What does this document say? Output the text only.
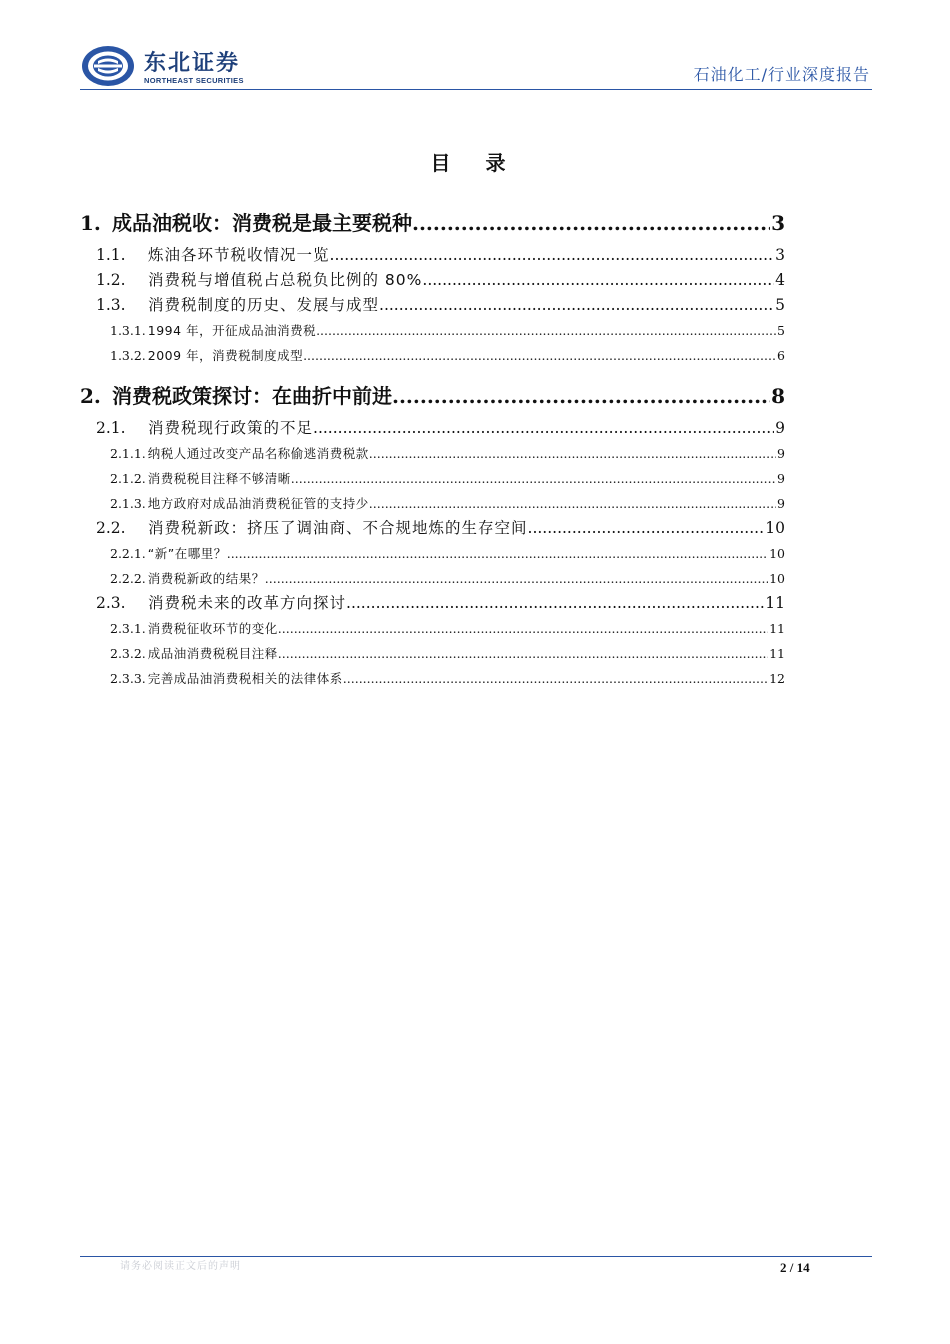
东北证券
NORTHEAST SECURITIES	石油化工/行业深度报告
目 录
1. 成品油税收：消费税是最主要税种 .....	3
1.1.	炼油各环节税收情况一览 .....	3
1.2.	消费税与增值税占总税负比例的 80% .....	4
1.3.	消费税制度的历史、发展与成型 .....	5
1.3.1. 1994 年，开征成品油消费税 .....	5
1.3.2. 2009 年，消费税制度成型 .....	6
2. 消费税政策探讨：在曲折中前进 .....	8
2.1.	消费税现行政策的不足 .....	9
2.1.1. 纳税人通过改变产品名称偷逃消费税款 .....	9
2.1.2. 消费税税目注释不够清晰 .....	9
2.1.3. 地方政府对成品油消费税征管的支持少 .....	9
2.2.	消费税新政：挤压了调油商、不合规地炼的生存空间 .....	10
2.2.1. “新”在哪里？ .....	10
2.2.2. 消费税新政的结果？ .....	10
2.3.	消费税未来的改革方向探讨 .....	11
2.3.1. 消费税征收环节的变化 .....	11
2.3.2. 成品油消费税税目注释 .....	11
2.3.3. 完善成品油消费税相关的法律体系 .....	12
请务必阅读正文后的声明	2 / 14
